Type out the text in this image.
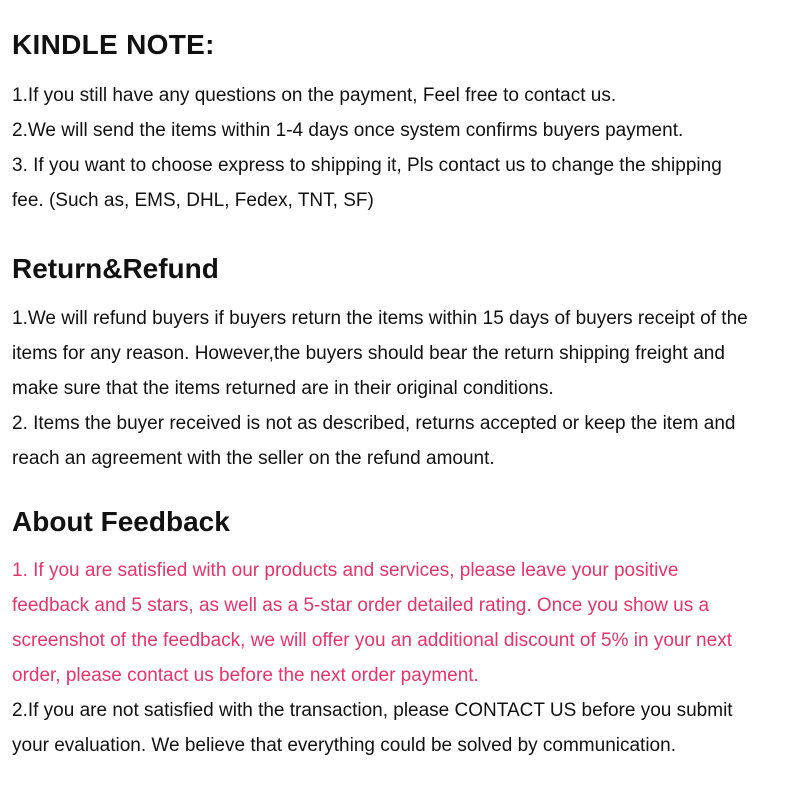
KINDLE NOTE:

1.If you still have any questions on the payment, Feel free to contact us.

2.We will send the items within 1-4 days once system confirms buyers payment.

3. If you want to choose express to shipping it, Pls contact us to change the shipping

fee. (Such as, EMS, DHL, Fedex, TNT, SF)

Return&Refund

1.We will refund buyers if buyers return the items within 15 days of buyers receipt of the

items for any reason. However,the buyers should bear the return shipping freight and

make sure that the items returned are in their original conditions.

2. Items the buyer received is not as described, returns accepted or keep the item and

reach an agreement with the seller on the refund amount.

About Feedback

1. If you are satisfied with our products and services, please leave your positive

feedback and 5 stars, as well as a 5-star order detailed rating. Once you show us a

screenshot of the feedback, we will offer you an additional discount of 5% in your next

order, please contact us before the next order payment.

2.If you are not satisfied with the transaction, please CONTACT US before you submit

your evaluation. We believe that everything could be solved by communication.
